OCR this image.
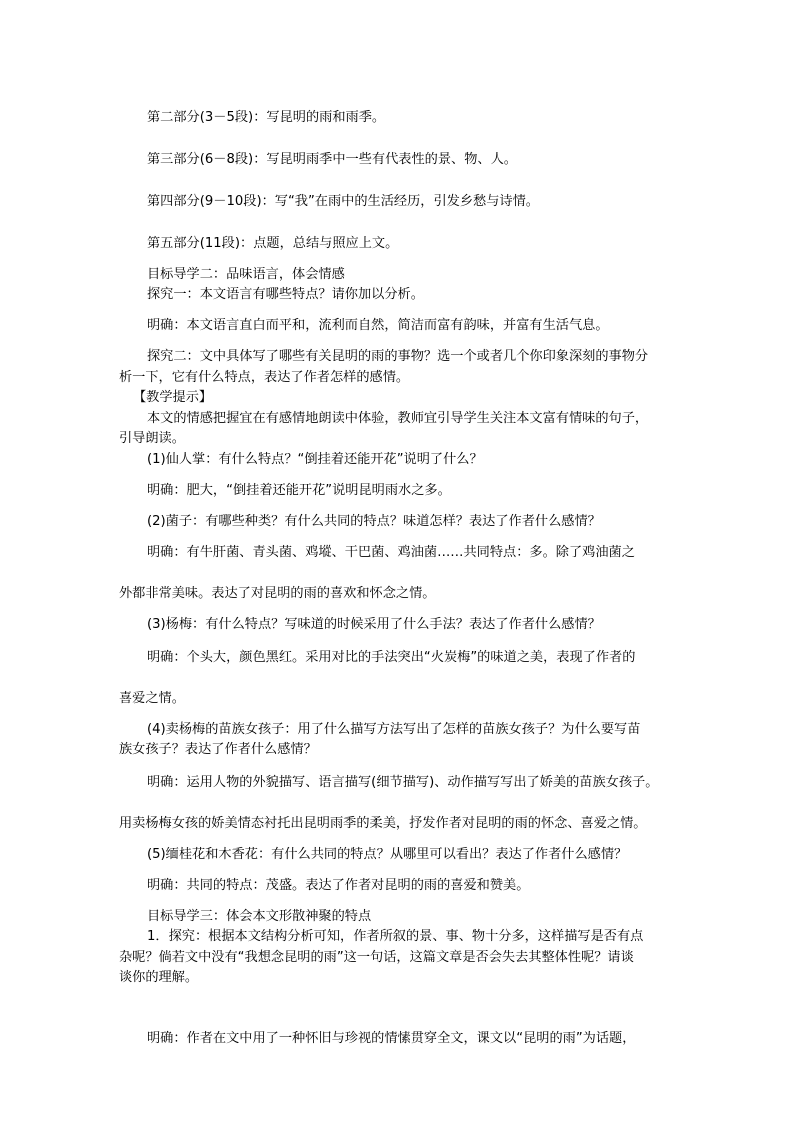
第二部分(3－5段)：写昆明的雨和雨季。
第三部分(6－8段)：写昆明雨季中一些有代表性的景、物、人。
第四部分(9－10段)：写“我”在雨中的生活经历，引发乡愁与诗情。
第五部分(11段)：点题，总结与照应上文。
目标导学二：品味语言，体会情感
探究一：本文语言有哪些特点？请你加以分析。
明确：本文语言直白而平和，流利而自然，简洁而富有韵味，并富有生活气息。
探究二：文中具体写了哪些有关昆明的雨的事物？选一个或者几个你印象深刻的事物分
析一下，它有什么特点，表达了作者怎样的感情。
【教学提示】
本文的情感把握宜在有感情地朗读中体验，教师宜引导学生关注本文富有情味的句子，
引导朗读。
(1)仙人掌：有什么特点？“倒挂着还能开花”说明了什么？
明确：肥大，“倒挂着还能开花”说明昆明雨水之多。
(2)菌子：有哪些种类？有什么共同的特点？味道怎样？表达了作者什么感情？
明确：有牛肝菌、青头菌、鸡㙡、干巴菌、鸡油菌……共同特点：多。除了鸡油菌之
外都非常美味。表达了对昆明的雨的喜欢和怀念之情。
(3)杨梅：有什么特点？写味道的时候采用了什么手法？表达了作者什么感情？
明确：个头大，颜色黑红。采用对比的手法突出“火炭梅”的味道之美，表现了作者的
喜爱之情。
(4)卖杨梅的苗族女孩子：用了什么描写方法写出了怎样的苗族女孩子？为什么要写苗
族女孩子？表达了作者什么感情？
明确：运用人物的外貌描写、语言描写(细节描写)、动作描写写出了娇美的苗族女孩子。
用卖杨梅女孩的娇美情态衬托出昆明雨季的柔美，抒发作者对昆明的雨的怀念、喜爱之情。
(5)缅桂花和木香花：有什么共同的特点？从哪里可以看出？表达了作者什么感情？
明确：共同的特点：茂盛。表达了作者对昆明的雨的喜爱和赞美。
目标导学三：体会本文形散神聚的特点
1．探究：根据本文结构分析可知，作者所叙的景、事、物十分多，这样描写是否有点
杂呢？倘若文中没有“我想念昆明的雨”这一句话，这篇文章是否会失去其整体性呢？请谈
谈你的理解。
明确：作者在文中用了一种怀旧与珍视的情愫贯穿全文，课文以“昆明的雨”为话题，
